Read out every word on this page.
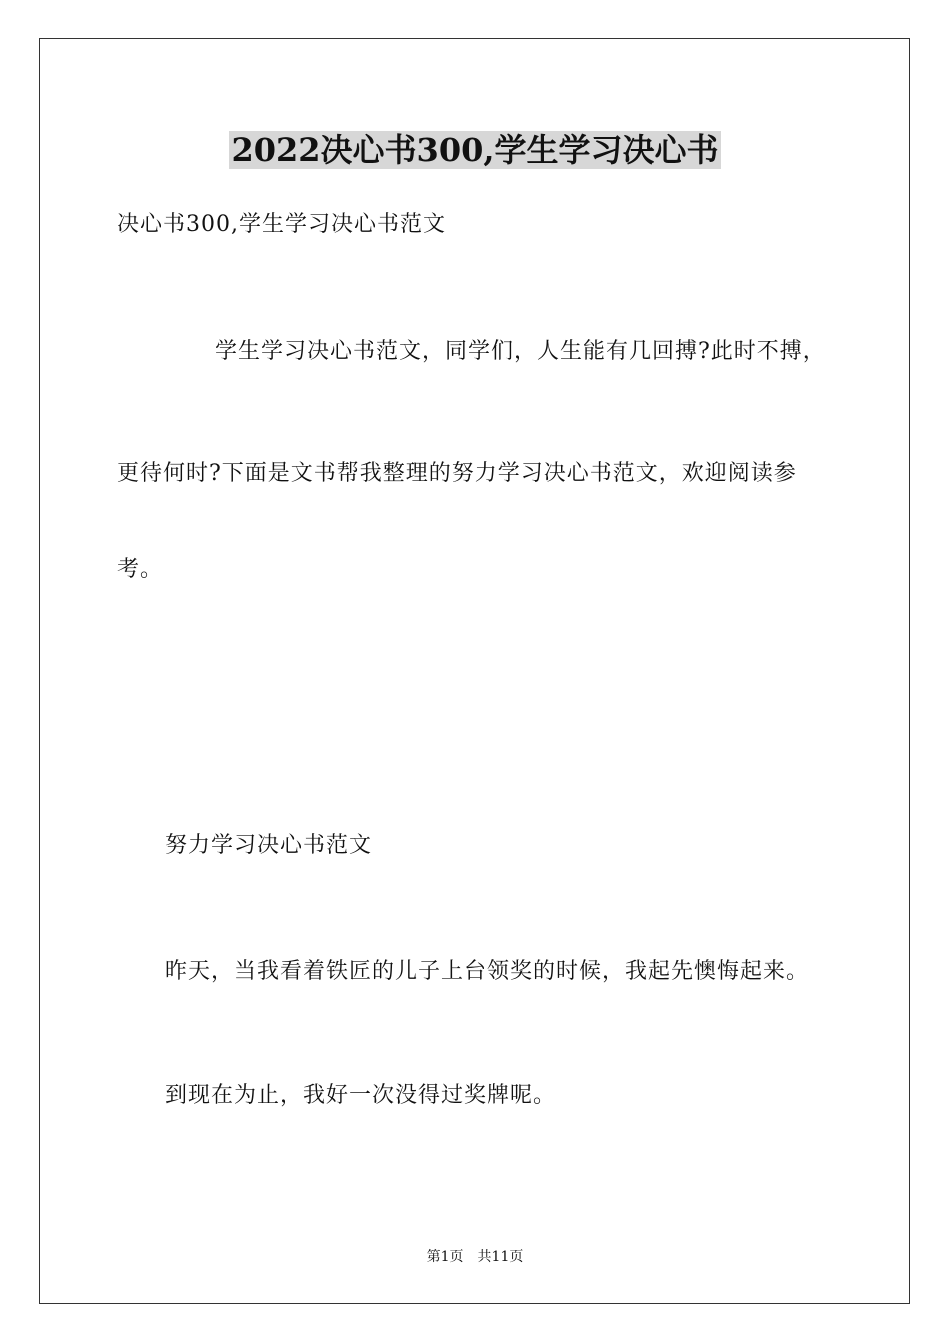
2022决心书300,学生学习决心书
决心书300,学生学习决心书范文
学生学习决心书范文，同学们，人生能有几回搏?此时不搏，
更待何时?下面是文书帮我整理的努力学习决心书范文，欢迎阅读参
考。
努力学习决心书范文
昨天，当我看着铁匠的儿子上台领奖的时候，我起先懊悔起来。
到现在为止，我好一次没得过奖牌呢。
第1页　共11页
